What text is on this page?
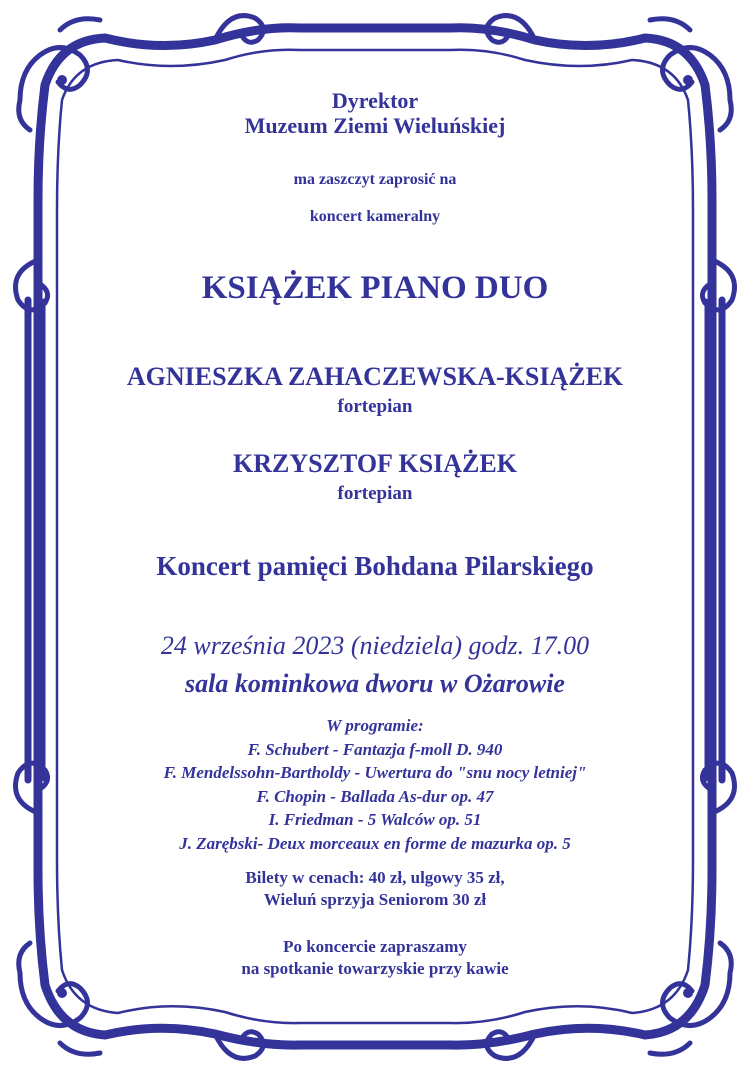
Dyrektor
Muzeum Ziemi Wieluńskiej
ma zaszczyt zaprosić na
koncert kameralny
KSIĄŻEK PIANO DUO
AGNIESZKA ZAHACZEWSKA-KSIĄŻEK
fortepian
KRZYSZTOF KSIĄŻEK
fortepian
Koncert pamięci Bohdana Pilarskiego
24 września 2023 (niedziela) godz. 17.00
sala kominkowa dworu w Ożarowie
W programie:
F. Schubert - Fantazja f-moll D. 940
F. Mendelssohn-Bartholdy - Uwertura do "snu nocy letniej"
F. Chopin - Ballada As-dur op. 47
I. Friedman - 5 Walców op. 51
J. Zarębski- Deux morceaux en forme de mazurka op. 5
Bilety w cenach: 40 zł, ulgowy 35 zł,
Wieluń sprzyja Seniorom 30 zł
Po koncercie zapraszamy
na spotkanie towarzyskie przy kawie
